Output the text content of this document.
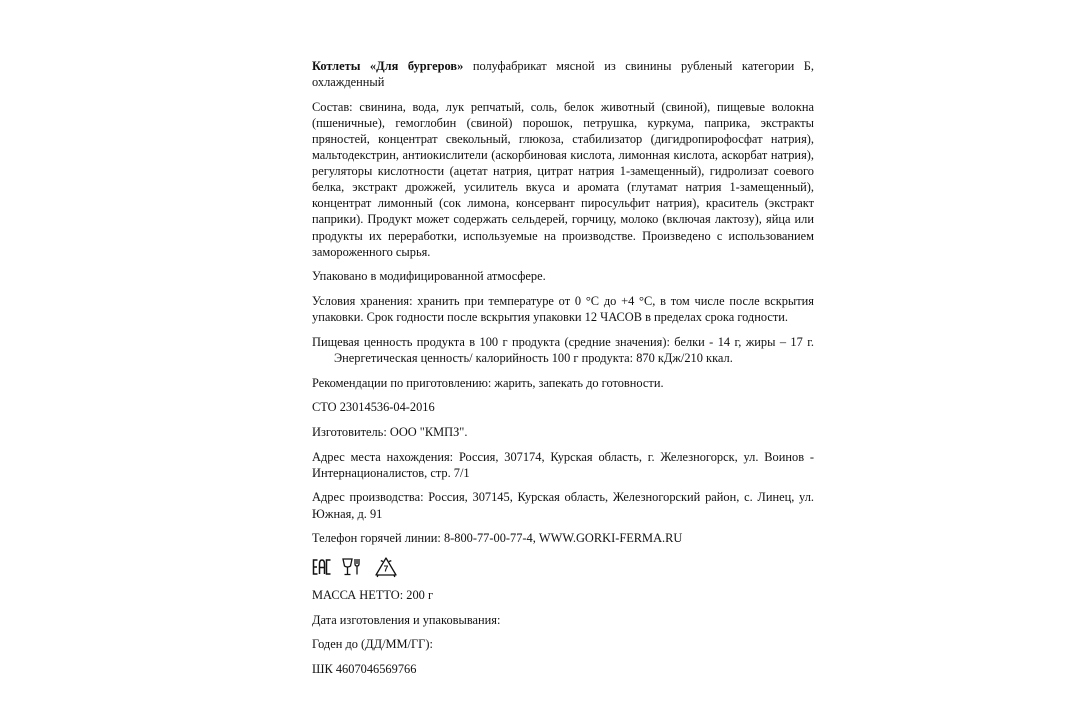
Котлеты «Для бургеров» полуфабрикат мясной из свинины рубленый категории Б, охлажденный

Состав: свинина, вода, лук репчатый, соль, белок животный (свиной), пищевые волокна (пшеничные), гемоглобин (свиной) порошок, петрушка, куркума, паприка, экстракты пряностей, концентрат свекольный, глюкоза, стабилизатор (дигидропирофосфат натрия), мальтодекстрин, антиокислители (аскорбиновая кислота, лимонная кислота, аскорбат натрия), регуляторы кислотности (ацетат натрия, цитрат натрия 1-замещенный), гидролизат соевого белка, экстракт дрожжей, усилитель вкуса и аромата (глутамат натрия 1-замещенный), концентрат лимонный (сок лимона, консервант пиросульфит натрия), краситель (экстракт паприки). Продукт может содержать сельдерей, горчицу, молоко (включая лактозу), яйца или продукты их переработки, используемые на производстве. Произведено с использованием замороженного сырья.

Упаковано в модифицированной атмосфере.

Условия хранения: хранить при температуре от 0 °С до +4 °С, в том числе после вскрытия упаковки. Срок годности после вскрытия упаковки 12 ЧАСОВ в пределах срока годности.

Пищевая ценность продукта в 100 г продукта (средние значения): белки - 14 г, жиры – 17 г.Энергетическая ценность/ калорийность 100 г продукта: 870 кДж/210 ккал.

Рекомендации по приготовлению: жарить, запекать до готовности.

СТО 23014536-04-2016

Изготовитель: ООО "КМПЗ".

Адрес места нахождения: Россия, 307174, Курская область, г. Железногорск, ул. Воинов - Интернационалистов, стр. 7/1

Адрес производства: Россия, 307145, Курская область, Железногорский район, с. Линец, ул. Южная, д. 91

Телефон горячей линии: 8-800-77-00-77-4, WWW.GORKI-FERMA.RU

7

МАССА НЕТТО: 200 г

Дата изготовления и упаковывания:

Годен до (ДД/ММ/ГГ):

ШК 4607046569766
